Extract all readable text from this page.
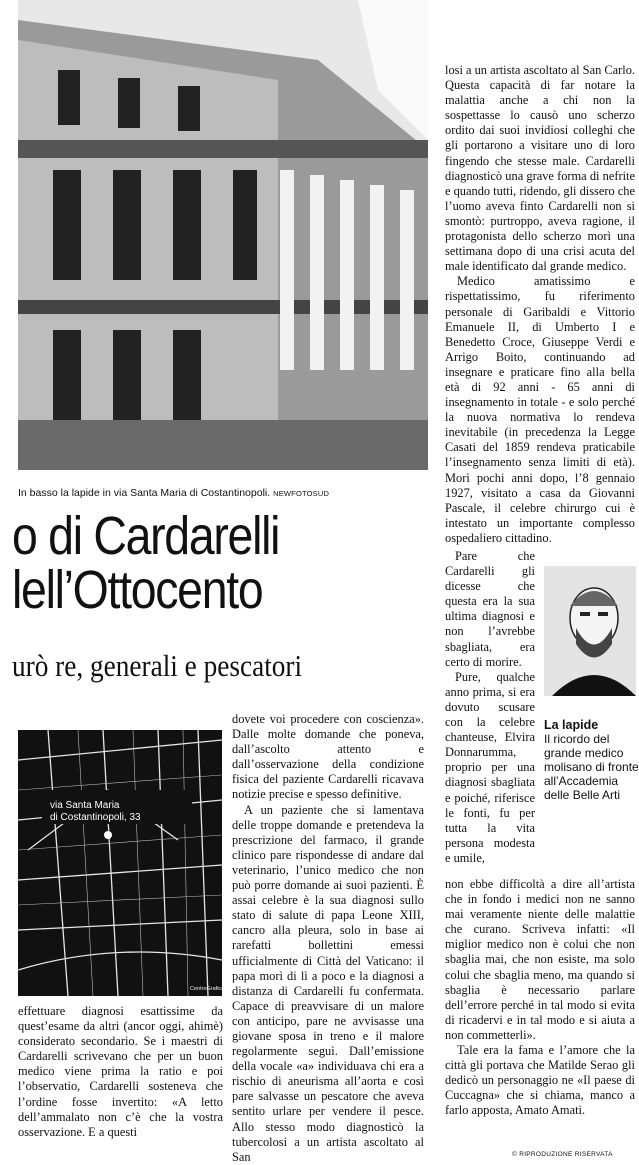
In basso la lapide in via Santa Maria di Costantinopoli. NEWFOTOSUD
o di Cardarelli
lell’Ottocento
urò re, generali e pescatori
via Santa Maria
di Costantinopoli, 33
CentroGrafica

dovete voi procedere con coscienza». Dalle molte domande che poneva, dall’ascolto attento e dall’osservazione della condizione fisica del paziente Cardarelli ricavava notizie precise e spesso definitive.

A un paziente che si lamentava delle troppe domande e pretendeva la prescrizione del farmaco, il grande clinico pare rispondesse di andare dal veterinario, l’unico medico che non può porre domande ai suoi pazienti. È assai celebre è la sua diagnosi sullo stato di salute di papa Leone XIII, cancro alla pleura, solo in base ai rarefatti bollettini emessi ufficialmente di Città del Vaticano: il papa morì di lì a poco e la diagnosi a distanza di Cardarelli fu confermata. Capace di preavvisare di un malore con anticipo, pare ne avvisasse una giovane sposa in treno e il malore regolarmente seguì. Dall’emissione della vocale «a» individuava chi era a rischio di aneurisma all’aorta e così pare salvasse un pescatore che aveva sentito urlare per vendere il pesce. Allo stesso modo diagnosticò la tubercolosi a un artista ascoltato al San

losi a un artista ascoltato al San Carlo. Questa capacità di far notare la malattia anche a chi non la sospettasse lo causò uno scherzo ordito dai suoi invidiosi colleghi che gli portarono a visitare uno di loro fingendo che stesse male. Cardarelli diagnosticò una grave forma di nefrite e quando tutti, ridendo, gli dissero che l’uomo aveva finto Cardarelli non si smontò: purtroppo, aveva ragione, il protagonista dello scherzo morì una settimana dopo di una crisi acuta del male identificato dal grande medico.

Medico amatissimo e rispettatissimo, fu riferimento personale di Garibaldi e Vittorio Emanuele II, di Umberto I e Benedetto Croce, Giuseppe Verdi e Arrigo Boito, continuando ad insegnare e praticare fino alla bella età di 92 anni - 65 anni di insegnamento in totale - e solo perché la nuova normativa lo rendeva inevitabile (in precedenza la Legge Casati del 1859 rendeva praticabile l’insegnamento senza limiti di età). Morì pochi anni dopo, l’8 gennaio 1927, visitato a casa da Giovanni Pascale, il celebre chirurgo cui è intestato un importante complesso ospedaliero cittadino.

Pare che Cardarelli gli dicesse che questa era la sua ultima diagnosi e non l’avrebbe sbagliata, era certo di morire.

Pure, qualche anno prima, si era dovuto scusare con la celebre chanteuse, Elvira Donnarumma, proprio per una diagnosi sbagliata e poiché, riferisce le fonti, fu per tutta la vita persona modesta e umile,

non ebbe difficoltà a dire all’artista che in fondo i medici non ne sanno mai veramente niente delle malattie che curano. Scriveva infatti: «Il miglior medico non è colui che non sbaglia mai, che non esiste, ma solo colui che sbaglia meno, ma quando si sbaglia è necessario parlare dell’errore perché in tal modo si evita di ricadervi e in tal modo e si aiuta a non commetterli».

Tale era la fama e l’amore che la città gli portava che Matilde Serao gli dedicò un personaggio ne «Il paese di Cuccagna» che si chiama, manco a farlo apposta, Amato Amati.

effettuare diagnosi esattissime da quest’esame da altri (ancor oggi, ahimè) considerato secondario. Se i maestri di Cardarelli scrivevano che per un buon medico viene prima la ratio e poi l’observatio, Cardarelli sosteneva che l’ordine fosse invertito: «A letto dell’ammalato non c’è che la vostra osservazione. E a questi

La lapide
Il ricordo del grande medico molisano di fronte all’Accademia delle Belle Arti
© RIPRODUZIONE RISERVATA
